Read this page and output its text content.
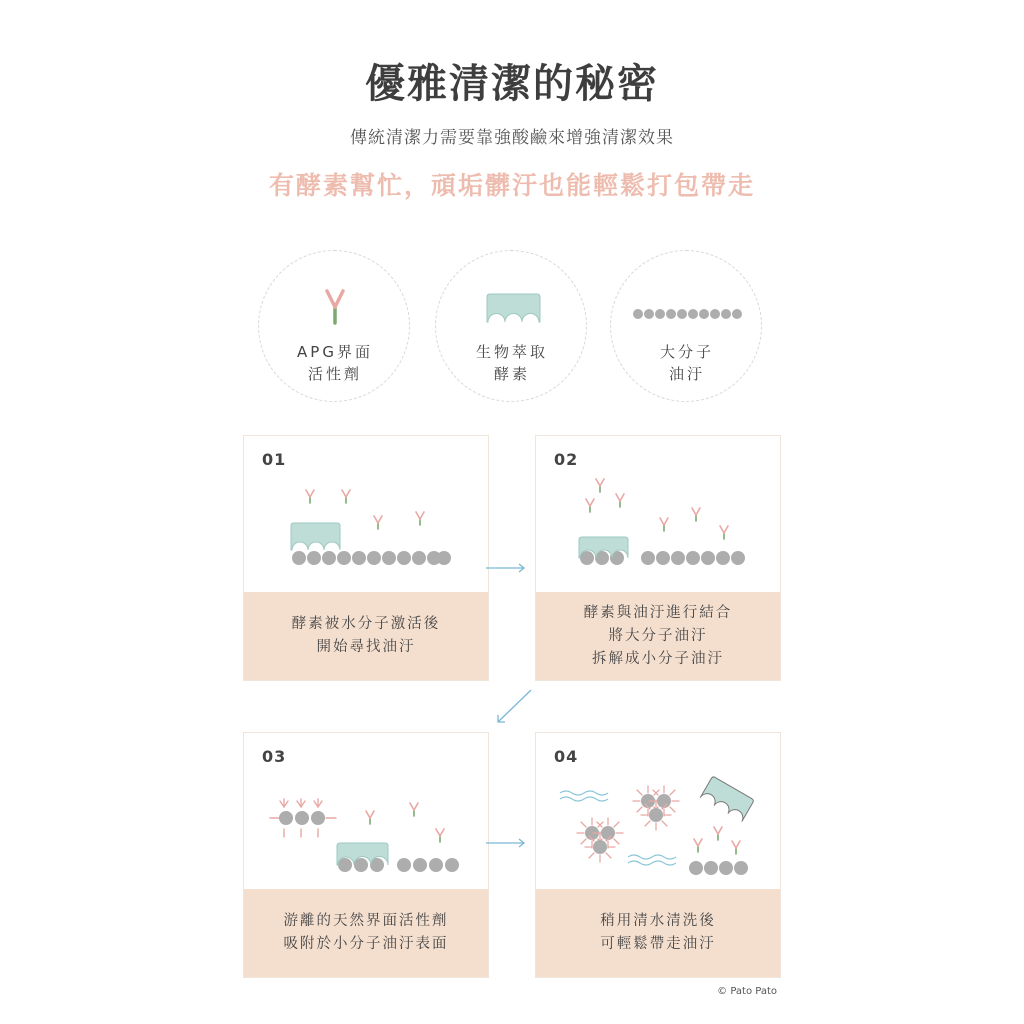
優雅清潔的秘密
傳統清潔力需要靠強酸鹼來增強清潔效果
有酵素幫忙，頑垢髒汙也能輕鬆打包帶走
APG界面
活性劑
生物萃取
酵素
大分子
油汙
01
酵素被水分子激活後
開始尋找油汙
02
酵素與油汙進行結合
將大分子油汙
拆解成小分子油汙
03
游離的天然界面活性劑
吸附於小分子油汙表面
04
稍用清水清洗後
可輕鬆帶走油汙
© Pato Pato
